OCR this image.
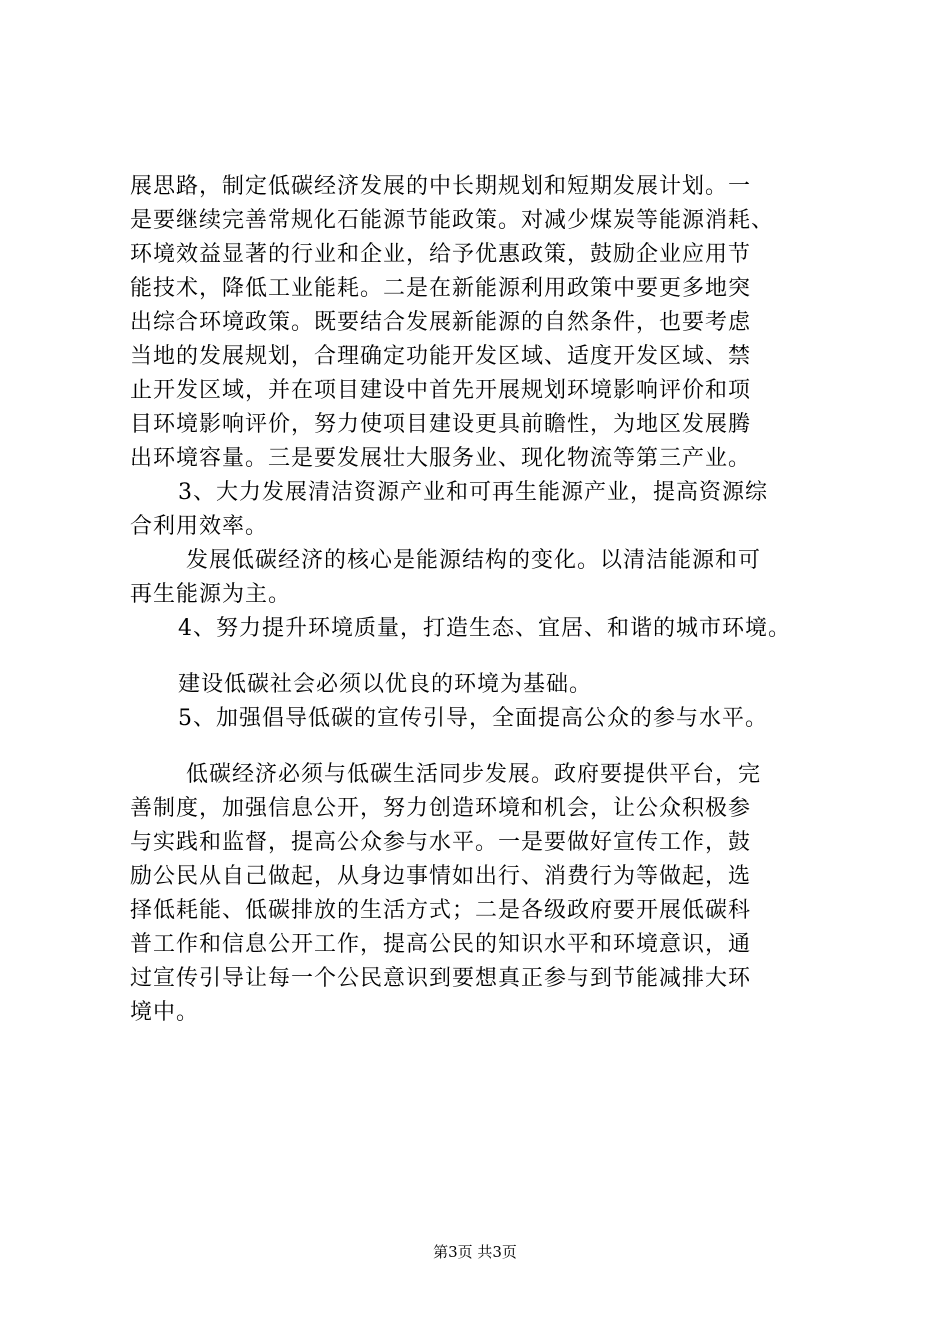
展思路，制定低碳经济发展的中长期规划和短期发展计划。一
是要继续完善常规化石能源节能政策。对减少煤炭等能源消耗、
环境效益显著的行业和企业，给予优惠政策，鼓励企业应用节
能技术，降低工业能耗。二是在新能源利用政策中要更多地突
出综合环境政策。既要结合发展新能源的自然条件，也要考虑
当地的发展规划，合理确定功能开发区域、适度开发区域、禁
止开发区域，并在项目建设中首先开展规划环境影响评价和项
目环境影响评价，努力使项目建设更具前瞻性，为地区发展腾
出环境容量。三是要发展壮大服务业、现化物流等第三产业。
3、大力发展清洁资源产业和可再生能源产业，提高资源综
合利用效率。
发展低碳经济的核心是能源结构的变化。以清洁能源和可
再生能源为主。
4、努力提升环境质量，打造生态、宜居、和谐的城市环境。
建设低碳社会必须以优良的环境为基础。
5、加强倡导低碳的宣传引导，全面提高公众的参与水平。
低碳经济必须与低碳生活同步发展。政府要提供平台，完
善制度，加强信息公开，努力创造环境和机会，让公众积极参
与实践和监督，提高公众参与水平。一是要做好宣传工作，鼓
励公民从自己做起，从身边事情如出行、消费行为等做起，选
择低耗能、低碳排放的生活方式；二是各级政府要开展低碳科
普工作和信息公开工作，提高公民的知识水平和环境意识，通
过宣传引导让每一个公民意识到要想真正参与到节能减排大环
境中。
第3页 共3页
